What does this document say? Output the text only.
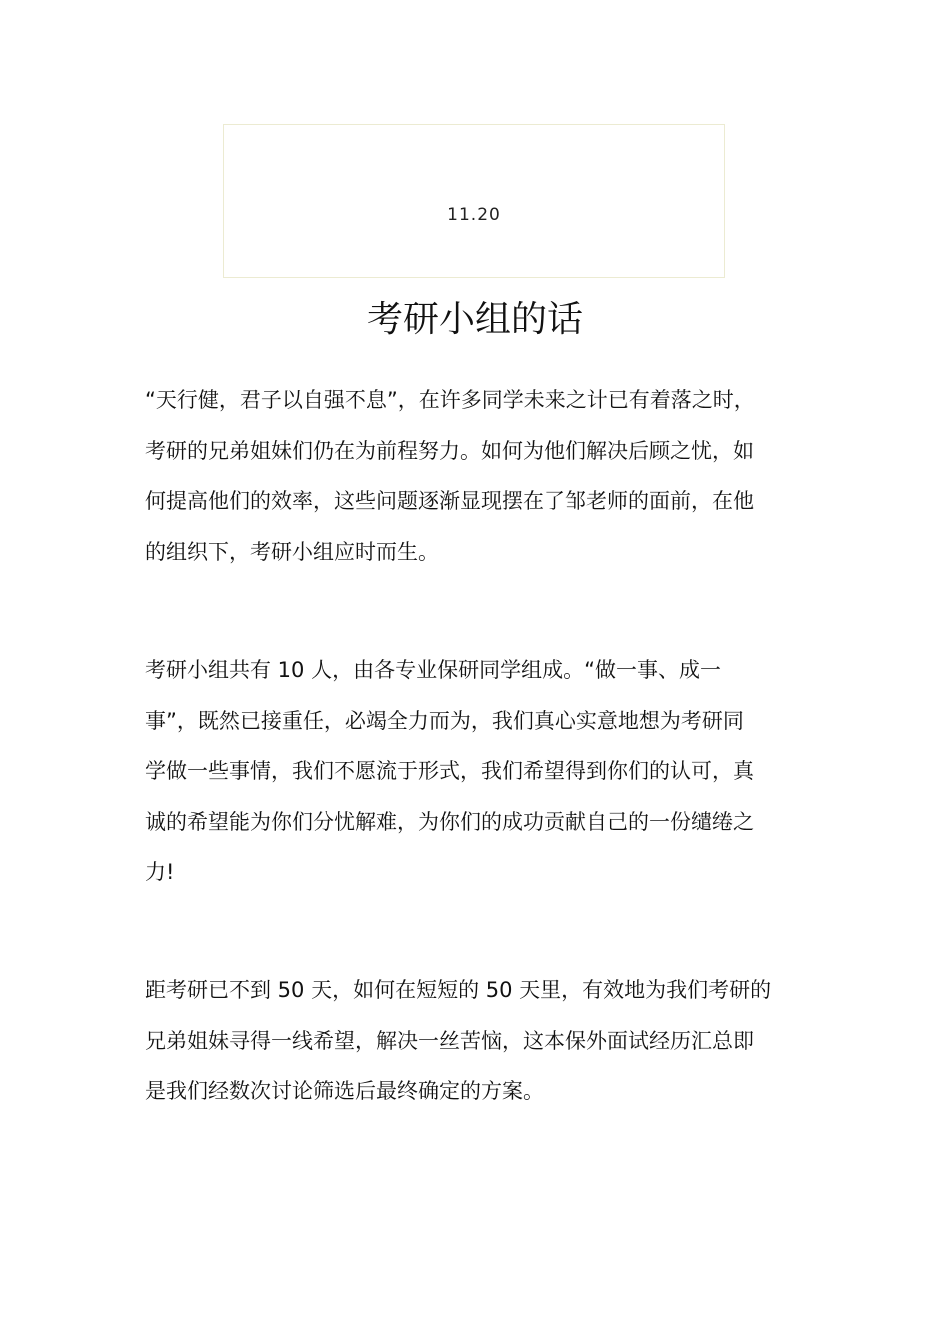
11.20
考研小组的话

“天行健，君子以自强不息”，在许多同学未来之计已有着落之时，
考研的兄弟姐妹们仍在为前程努力。如何为他们解决后顾之忧，如
何提高他们的效率，这些问题逐渐显现摆在了邹老师的面前，在他
的组织下，考研小组应时而生。

考研小组共有 10 人，由各专业保研同学组成。“做一事、成一
事”，既然已接重任，必竭全力而为，我们真心实意地想为考研同
学做一些事情，我们不愿流于形式，我们希望得到你们的认可，真
诚的希望能为你们分忧解难，为你们的成功贡献自己的一份缱绻之
力!

距考研已不到 50 天，如何在短短的 50 天里，有效地为我们考研的
兄弟姐妹寻得一线希望，解决一丝苦恼，这本保外面试经历汇总即
是我们经数次讨论筛选后最终确定的方案。
